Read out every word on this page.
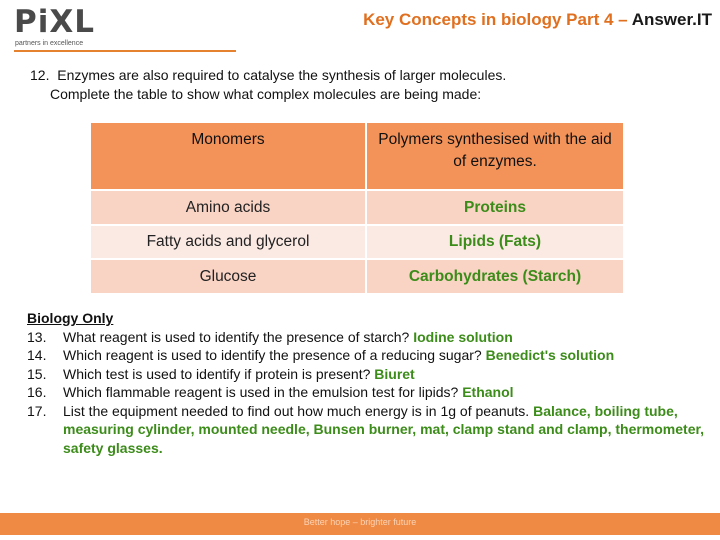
PiXL
partners in excellence
Key Concepts in biology Part 4 – Answer.IT
12. Enzymes are also required to catalyse the synthesis of larger molecules.
Complete the table to show what complex molecules are being made:
Monomers	Polymers synthesised with the aid of enzymes.
Amino acids	Proteins
Fatty acids and glycerol	Lipids (Fats)
Glucose	Carbohydrates (Starch)
Biology Only
13.	What reagent is used to identify the presence of starch? Iodine solution
14.	Which reagent is used to identify the presence of a reducing sugar? Benedict's solution
15.	Which test is used to identify if protein is present? Biuret
16.	Which flammable reagent is used in the emulsion test for lipids? Ethanol
17.	List the equipment needed to find out how much energy is in 1g of peanuts. Balance, boiling tube, measuring cylinder, mounted needle, Bunsen burner, mat, clamp stand and clamp, thermometer, safety glasses.
Better hope – brighter future
